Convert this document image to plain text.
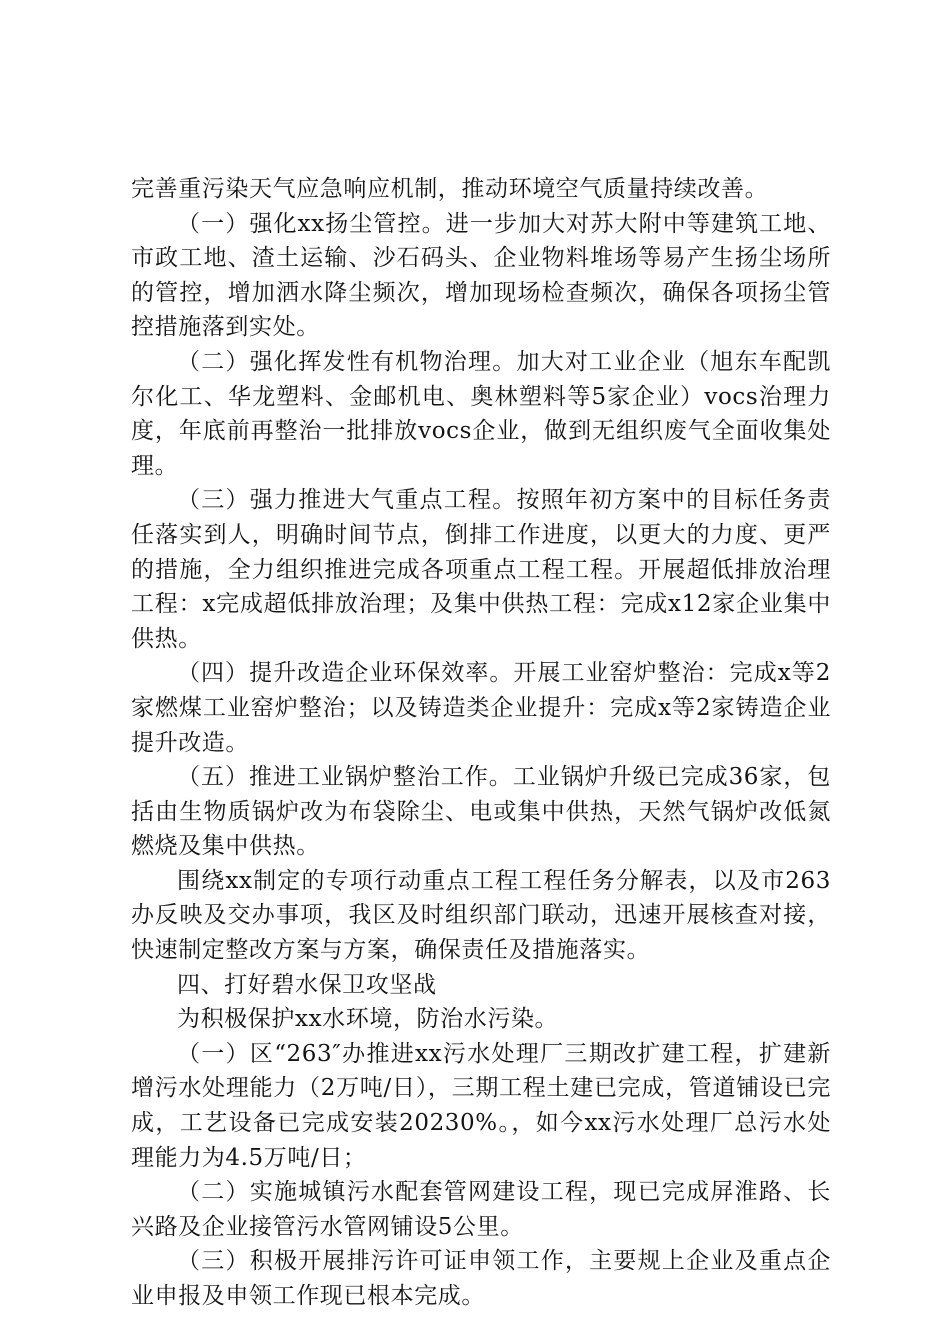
完善重污染天气应急响应机制，推动环境空气质量持续改善。

（一）强化xx扬尘管控。进一步加大对苏大附中等建筑工地、市政工地、渣土运输、沙石码头、企业物料堆场等易产生扬尘场所的管控，增加洒水降尘频次，增加现场检查频次，确保各项扬尘管控措施落到实处。

（二）强化挥发性有机物治理。加大对工业企业（旭东车配凯尔化工、华龙塑料、金邮机电、奥林塑料等5家企业）vocs治理力度，年底前再整治一批排放vocs企业，做到无组织废气全面收集处理。

（三）强力推进大气重点工程。按照年初方案中的目标任务责任落实到人，明确时间节点，倒排工作进度，以更大的力度、更严的措施，全力组织推进完成各项重点工程工程。开展超低排放治理工程：x完成超低排放治理；及集中供热工程：完成x12家企业集中供热。

（四）提升改造企业环保效率。开展工业窑炉整治：完成x等2家燃煤工业窑炉整治；以及铸造类企业提升：完成x等2家铸造企业提升改造。

（五）推进工业锅炉整治工作。工业锅炉升级已完成36家，包括由生物质锅炉改为布袋除尘、电或集中供热，天然气锅炉改低氮燃烧及集中供热。

围绕xx制定的专项行动重点工程工程任务分解表，以及市263办反映及交办事项，我区及时组织部门联动，迅速开展核查对接，快速制定整改方案与方案，确保责任及措施落实。

四、打好碧水保卫攻坚战

为积极保护xx水环境，防治水污染。

（一）区“263″办推进xx污水处理厂三期改扩建工程，扩建新增污水处理能力（2万吨/日），三期工程土建已完成，管道铺设已完成，工艺设备已完成安装20230%。，如今xx污水处理厂总污水处理能力为4.5万吨/日；

（二）实施城镇污水配套管网建设工程，现已完成屏淮路、长兴路及企业接管污水管网铺设5公里。

（三）积极开展排污许可证申领工作，主要规上企业及重点企业申报及申领工作现已根本完成。
